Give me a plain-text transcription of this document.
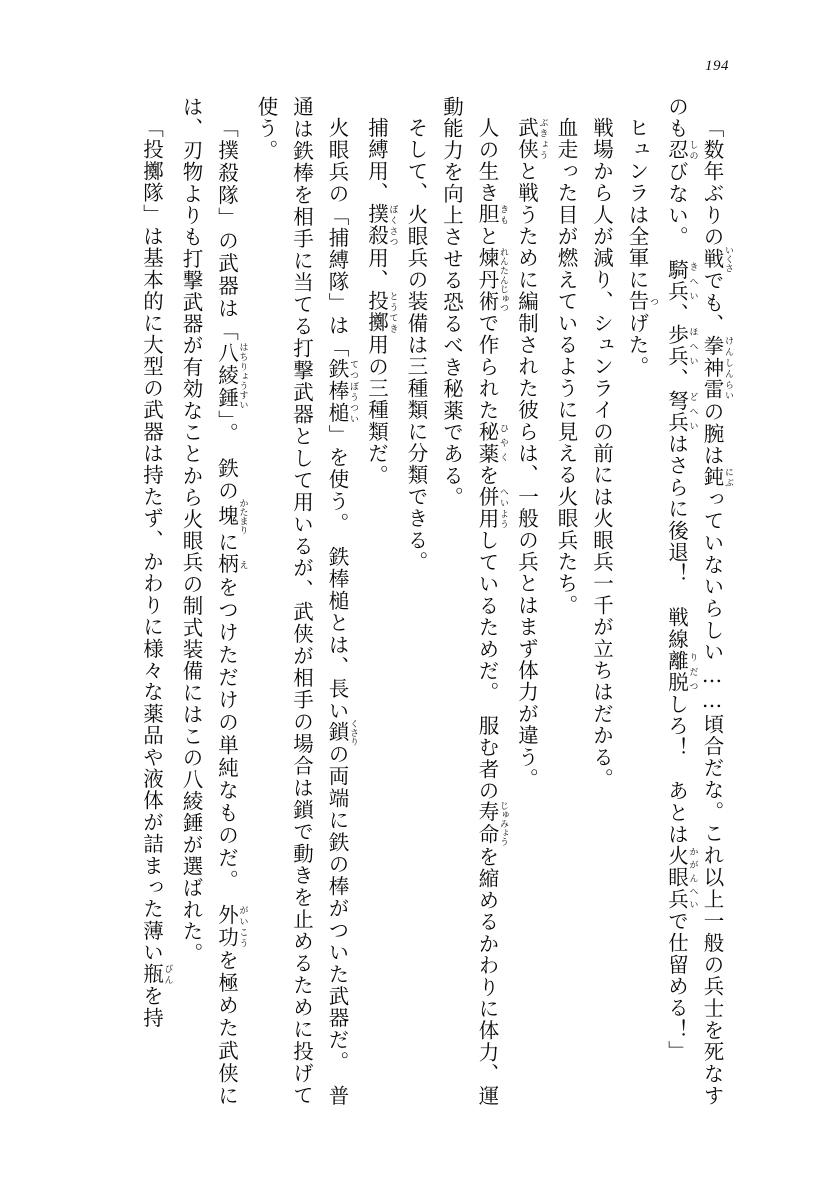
194
「数年ぶりの戦 いくさでも、拳神雷 けんしんらいの腕は鈍 にぶっていないらしい……頃合だな。これ以上一般の兵士を死なすのも忍 しのびない。　騎兵 きへい、歩兵 ほへい、弩兵 どへいはさらに後退！　戦線離脱 りだつしろ！　あとは火眼兵 かがんへいで仕留める！」
ヒュンラは全軍に告 つげた。
戦場から人が減り、シュンライの前には火眼兵一千が立ちはだかる。
血走った目が燃えているように見える火眼兵たち。
武侠 ぶきょうと戦うために編制された彼らは、一般の兵とはまず体力が違う。
人の生き胆 きもと煉丹術 れんたんじゅつで作られた秘薬 ひやくを併用 へいようしているためだ。　服む者の寿命 じゅみょうを縮めるかわりに体力、運動能力を向上させる恐るべき秘薬である。
そして、火眼兵の装備は三種類に分類できる。
捕縛用、撲殺 ぼくさつ用、投擲 とうてき用の三種類だ。
火眼兵の「捕縛隊」は「鉄棒槌 てつぼうつい」を使う。　鉄棒槌とは、長い鎖 くさりの両端に鉄の棒がついた武器だ。　普通は鉄棒を相手に当てる打撃武器として用いるが、武侠が相手の場合は鎖で動きを止めるために投げて使う。
「撲殺隊」の武器は「八綾錘 はちりょうすい」。　鉄の塊 かたまりに柄 えをつけただけの単純なものだ。　外功 がいこうを極めた武侠には、刃物よりも打撃武器が有効なことから火眼兵の制式装備にはこの八綾錘が選ばれた。
「投擲隊」は基本的に大型の武器は持たず、かわりに様々な薬品や液体が詰まった薄い瓶 びんを持
